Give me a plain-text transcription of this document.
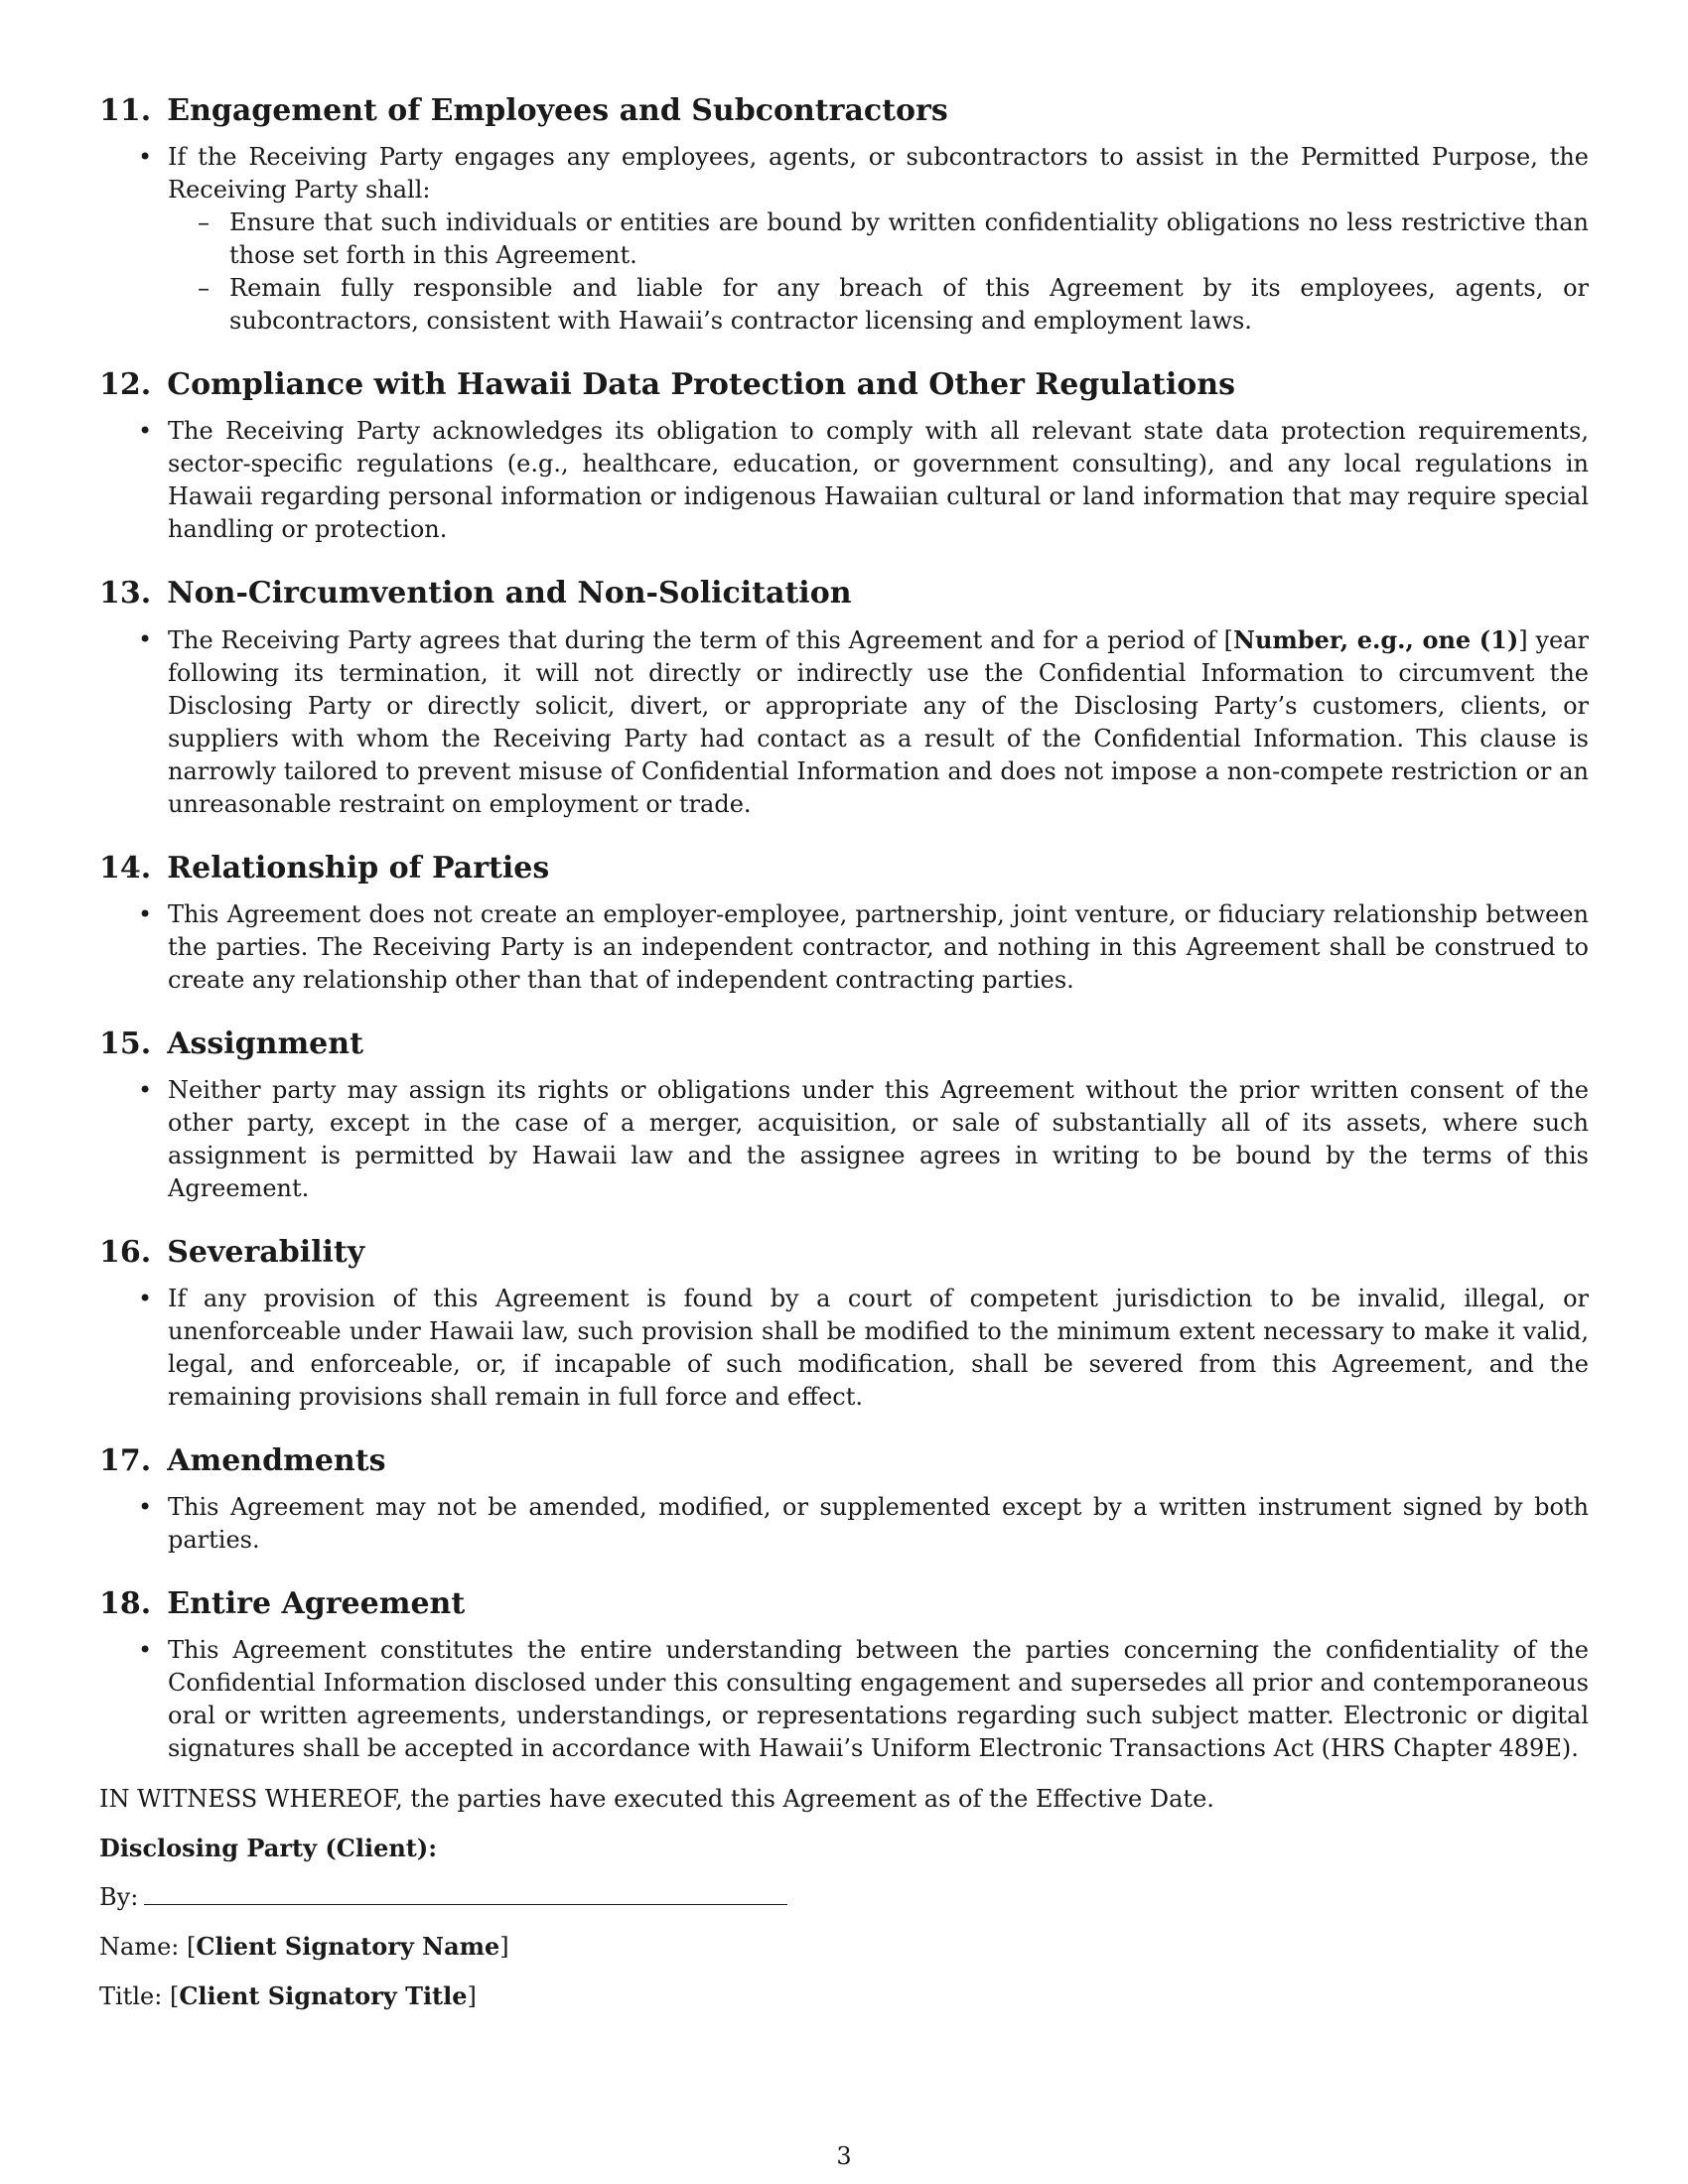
11. Engagement of Employees and Subcontractors
• If the Receiving Party engages any employees, agents, or subcontractors to assist in the Permitted Purpose, the Receiving Party shall:
– Ensure that such individuals or entities are bound by written confidentiality obligations no less restrictive than those set forth in this Agreement.
– Remain fully responsible and liable for any breach of this Agreement by its employees, agents, or subcontractors, consistent with Hawaii’s contractor licensing and employment laws.
12. Compliance with Hawaii Data Protection and Other Regulations
• The Receiving Party acknowledges its obligation to comply with all relevant state data protection requirements, sector-specific regulations (e.g., healthcare, education, or government consulting), and any local regulations in Hawaii regarding personal information or indigenous Hawaiian cultural or land information that may require special handling or protection.
13. Non-Circumvention and Non-Solicitation
• The Receiving Party agrees that during the term of this Agreement and for a period of [Number, e.g., one (1)] year following its termination, it will not directly or indirectly use the Confidential Information to circumvent the Disclosing Party or directly solicit, divert, or appropriate any of the Disclosing Party’s customers, clients, or suppliers with whom the Receiving Party had contact as a result of the Confidential Information. This clause is narrowly tailored to prevent misuse of Confidential Information and does not impose a non-compete restriction or an unreasonable restraint on employment or trade.
14. Relationship of Parties
• This Agreement does not create an employer-employee, partnership, joint venture, or fiduciary relationship between the parties. The Receiving Party is an independent contractor, and nothing in this Agreement shall be construed to create any relationship other than that of independent contracting parties.
15. Assignment
• Neither party may assign its rights or obligations under this Agreement without the prior written consent of the other party, except in the case of a merger, acquisition, or sale of substantially all of its assets, where such assignment is permitted by Hawaii law and the assignee agrees in writing to be bound by the terms of this Agreement.
16. Severability
• If any provision of this Agreement is found by a court of competent jurisdiction to be invalid, illegal, or unenforceable under Hawaii law, such provision shall be modified to the minimum extent necessary to make it valid, legal, and enforceable, or, if incapable of such modification, shall be severed from this Agreement, and the remaining provisions shall remain in full force and effect.
17. Amendments
• This Agreement may not be amended, modified, or supplemented except by a written instrument signed by both parties.
18. Entire Agreement
• This Agreement constitutes the entire understanding between the parties concerning the confidentiality of the Confidential Information disclosed under this consulting engagement and supersedes all prior and contemporaneous oral or written agreements, understandings, or representations regarding such subject matter. Electronic or digital signatures shall be accepted in accordance with Hawaii’s Uniform Electronic Transactions Act (HRS Chapter 489E).

IN WITNESS WHEREOF, the parties have executed this Agreement as of the Effective Date.

Disclosing Party (Client):

By:

Name: [Client Signatory Name]

Title: [Client Signatory Title]

3
